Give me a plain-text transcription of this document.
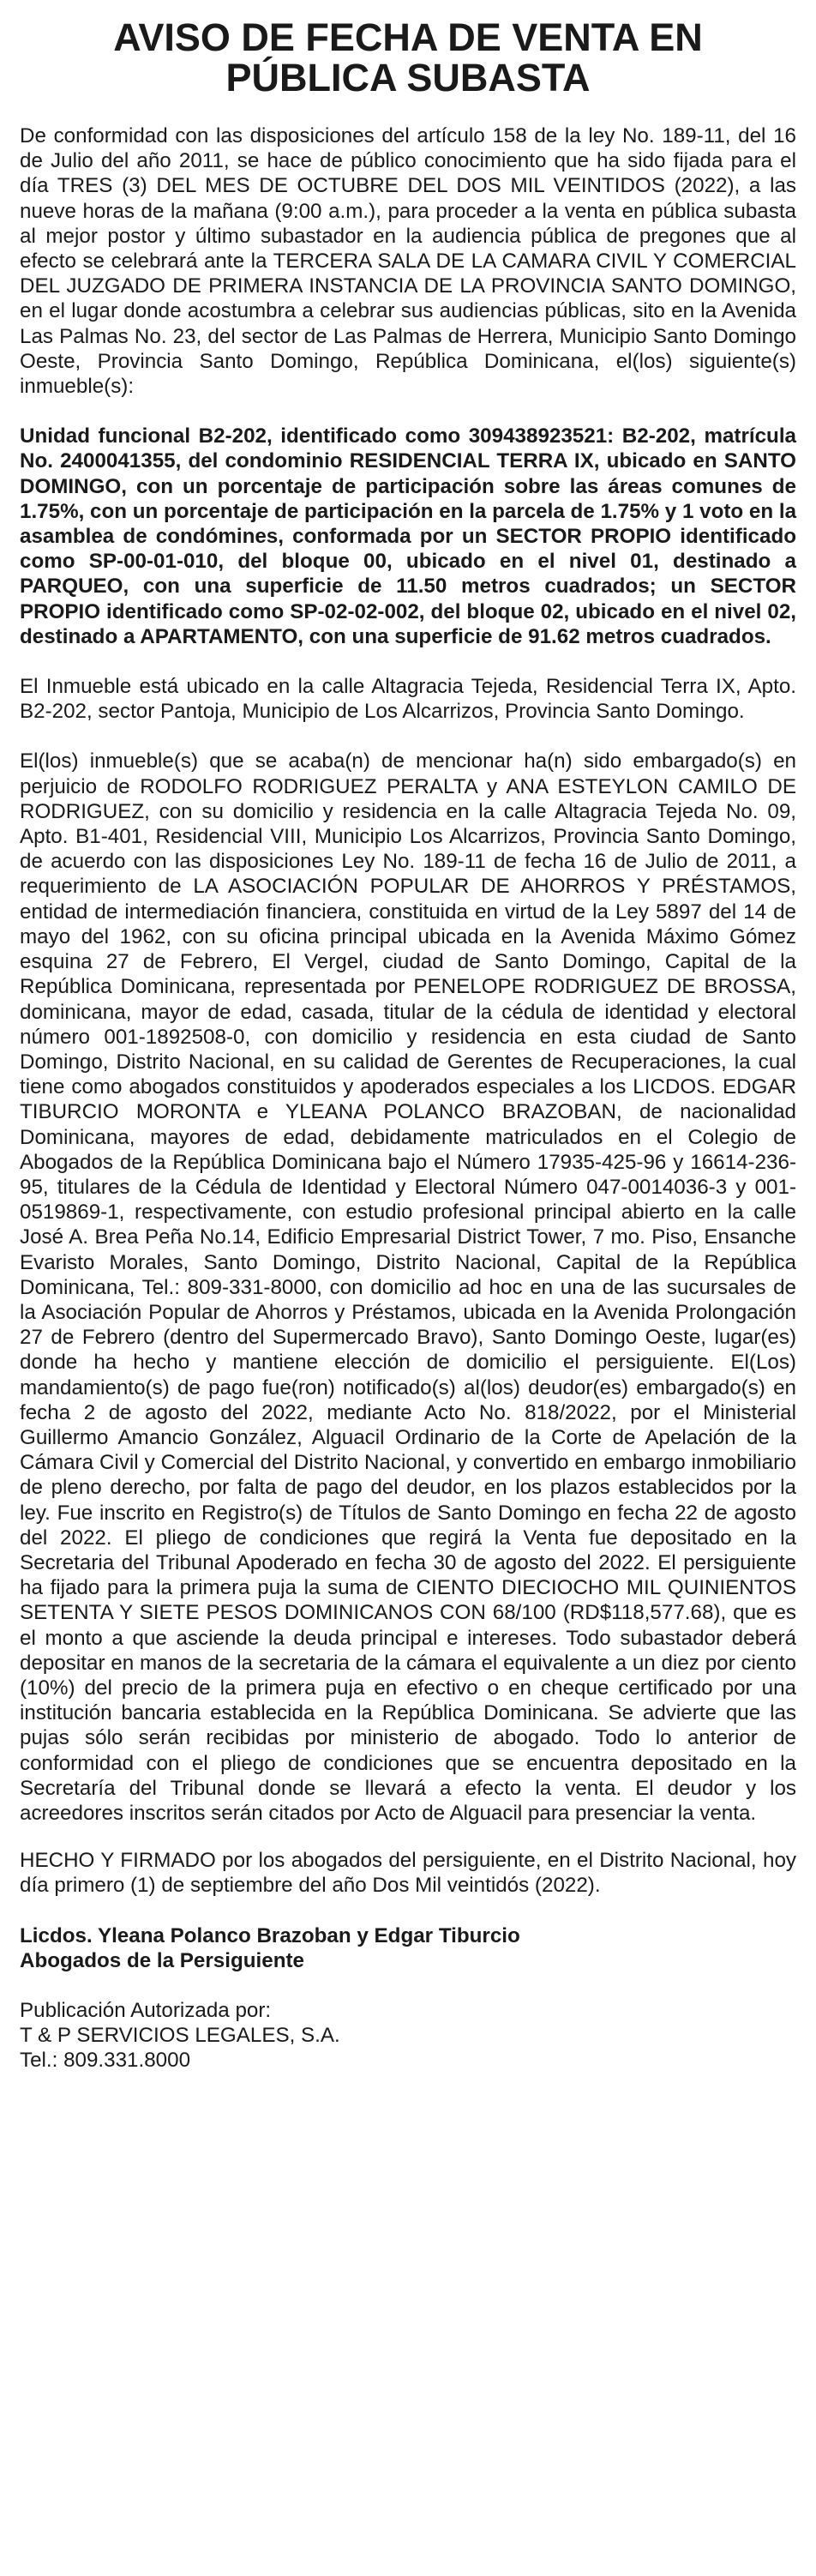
AVISO DE FECHA DE VENTA EN
PÚBLICA SUBASTA

De conformidad con las disposiciones del artículo 158 de la ley No. 189-11, del 16 de Julio del año 2011, se hace de público conocimiento que ha sido fijada para el día TRES (3) DEL MES DE OCTUBRE DEL DOS MIL VEINTIDOS (2022), a las nueve horas de la mañana (9:00 a.m.), para proceder a la venta en pública subasta al mejor postor y último subastador en la audiencia pública de pregones que al efecto se celebrará ante la TERCERA SALA DE LA CAMARA CIVIL Y COMERCIAL DEL JUZGADO DE PRIMERA INSTANCIA DE LA PROVINCIA SANTO DOMINGO, en el lugar donde acostumbra a celebrar sus audiencias públicas, sito en la Avenida Las Palmas No. 23, del sector de Las Palmas de Herrera, Municipio Santo Domingo Oeste, Provincia Santo Domingo, República Dominicana, el(los) siguiente(s) inmueble(s):

Unidad funcional B2-202, identificado como 309438923521: B2-202, matrícula No. 2400041355, del condominio RESIDENCIAL TERRA IX, ubicado en SANTO DOMINGO, con un porcentaje de participación sobre las áreas comunes de 1.75%, con un porcentaje de participación en la parcela de 1.75% y 1 voto en la asamblea de condómines, conformada por un SECTOR PROPIO identificado como SP-00-01-010, del bloque 00, ubicado en el nivel 01, destinado a PARQUEO, con una superficie de 11.50 metros cuadrados; un SECTOR PROPIO identificado como SP-02-02-002, del bloque 02, ubicado en el nivel 02, destinado a APARTAMENTO, con una superficie de 91.62 metros cuadrados.

El Inmueble está ubicado en la calle Altagracia Tejeda, Residencial Terra IX, Apto. B2-202, sector Pantoja, Municipio de Los Alcarrizos, Provincia Santo Domingo.

El(los) inmueble(s) que se acaba(n) de mencionar ha(n) sido embargado(s) en perjuicio de RODOLFO RODRIGUEZ PERALTA y ANA ESTEYLON CAMILO DE RODRIGUEZ, con su domicilio y residencia en la calle Altagracia Tejeda No. 09, Apto. B1-401, Residencial VIII, Municipio Los Alcarrizos, Provincia Santo Domingo, de acuerdo con las disposiciones Ley No. 189-11 de fecha 16 de Julio de 2011, a requerimiento de LA ASOCIACIÓN POPULAR DE AHORROS Y PRÉSTAMOS, entidad de intermediación financiera, constituida en virtud de la Ley 5897 del 14 de mayo del 1962, con su oficina principal ubicada en la Avenida Máximo Gómez esquina 27 de Febrero, El Vergel, ciudad de Santo Domingo, Capital de la República Dominicana, representada por PENELOPE RODRIGUEZ DE BROSSA, dominicana, mayor de edad, casada, titular de la cédula de identidad y electoral número 001-1892508-0, con domicilio y residencia en esta ciudad de Santo Domingo, Distrito Nacional, en su calidad de Gerentes de Recuperaciones, la cual tiene como abogados constituidos y apoderados especiales a los LICDOS. EDGAR TIBURCIO MORONTA e YLEANA POLANCO BRAZOBAN, de nacionalidad Dominicana, mayores de edad, debidamente matriculados en el Colegio de Abogados de la República Dominicana bajo el Número 17935-425-96 y 16614-236-95, titulares de la Cédula de Identidad y Electoral Número 047-0014036-3 y 001-0519869-1, respectivamente, con estudio profesional principal abierto en la calle José A. Brea Peña No.14, Edificio Empresarial District Tower, 7 mo. Piso, Ensanche Evaristo Morales, Santo Domingo, Distrito Nacional, Capital de la República Dominicana, Tel.: 809-331-8000, con domicilio ad hoc en una de las sucursales de la Asociación Popular de Ahorros y Préstamos, ubicada en la Avenida Prolongación 27 de Febrero (dentro del Supermercado Bravo), Santo Domingo Oeste, lugar(es) donde ha hecho y mantiene elección de domicilio el persiguiente. El(Los) mandamiento(s) de pago fue(ron) notificado(s) al(los) deudor(es) embargado(s) en fecha 2 de agosto del 2022, mediante Acto No. 818/2022, por el Ministerial Guillermo Amancio González, Alguacil Ordinario de la Corte de Apelación de la Cámara Civil y Comercial del Distrito Nacional, y convertido en embargo inmobiliario de pleno derecho, por falta de pago del deudor, en los plazos establecidos por la ley. Fue inscrito en Registro(s) de Títulos de Santo Domingo en fecha 22 de agosto del 2022. El pliego de condiciones que regirá la Venta fue depositado en la Secretaria del Tribunal Apoderado en fecha 30 de agosto del 2022. El persiguiente ha fijado para la primera puja la suma de CIENTO DIECIOCHO MIL QUINIENTOS SETENTA Y SIETE PESOS DOMINICANOS CON 68/100 (RD$118,577.68), que es el monto a que asciende la deuda principal e intereses. Todo subastador deberá depositar en manos de la secretaria de la cámara el equivalente a un diez por ciento (10%) del precio de la primera puja en efectivo o en cheque certificado por una institución bancaria establecida en la República Dominicana. Se advierte que las pujas sólo serán recibidas por ministerio de abogado. Todo lo anterior de conformidad con el pliego de condiciones que se encuentra depositado en la Secretaría del Tribunal donde se llevará a efecto la venta. El deudor y los acreedores inscritos serán citados por Acto de Alguacil para presenciar la venta.

HECHO Y FIRMADO por los abogados del persiguiente, en el Distrito Nacional, hoy día primero (1) de septiembre del año Dos Mil veintidós (2022).

Licdos. Yleana Polanco Brazoban y Edgar Tiburcio
Abogados de la Persiguiente
Publicación Autorizada por:
T & P SERVICIOS LEGALES, S.A.
Tel.: 809.331.8000
